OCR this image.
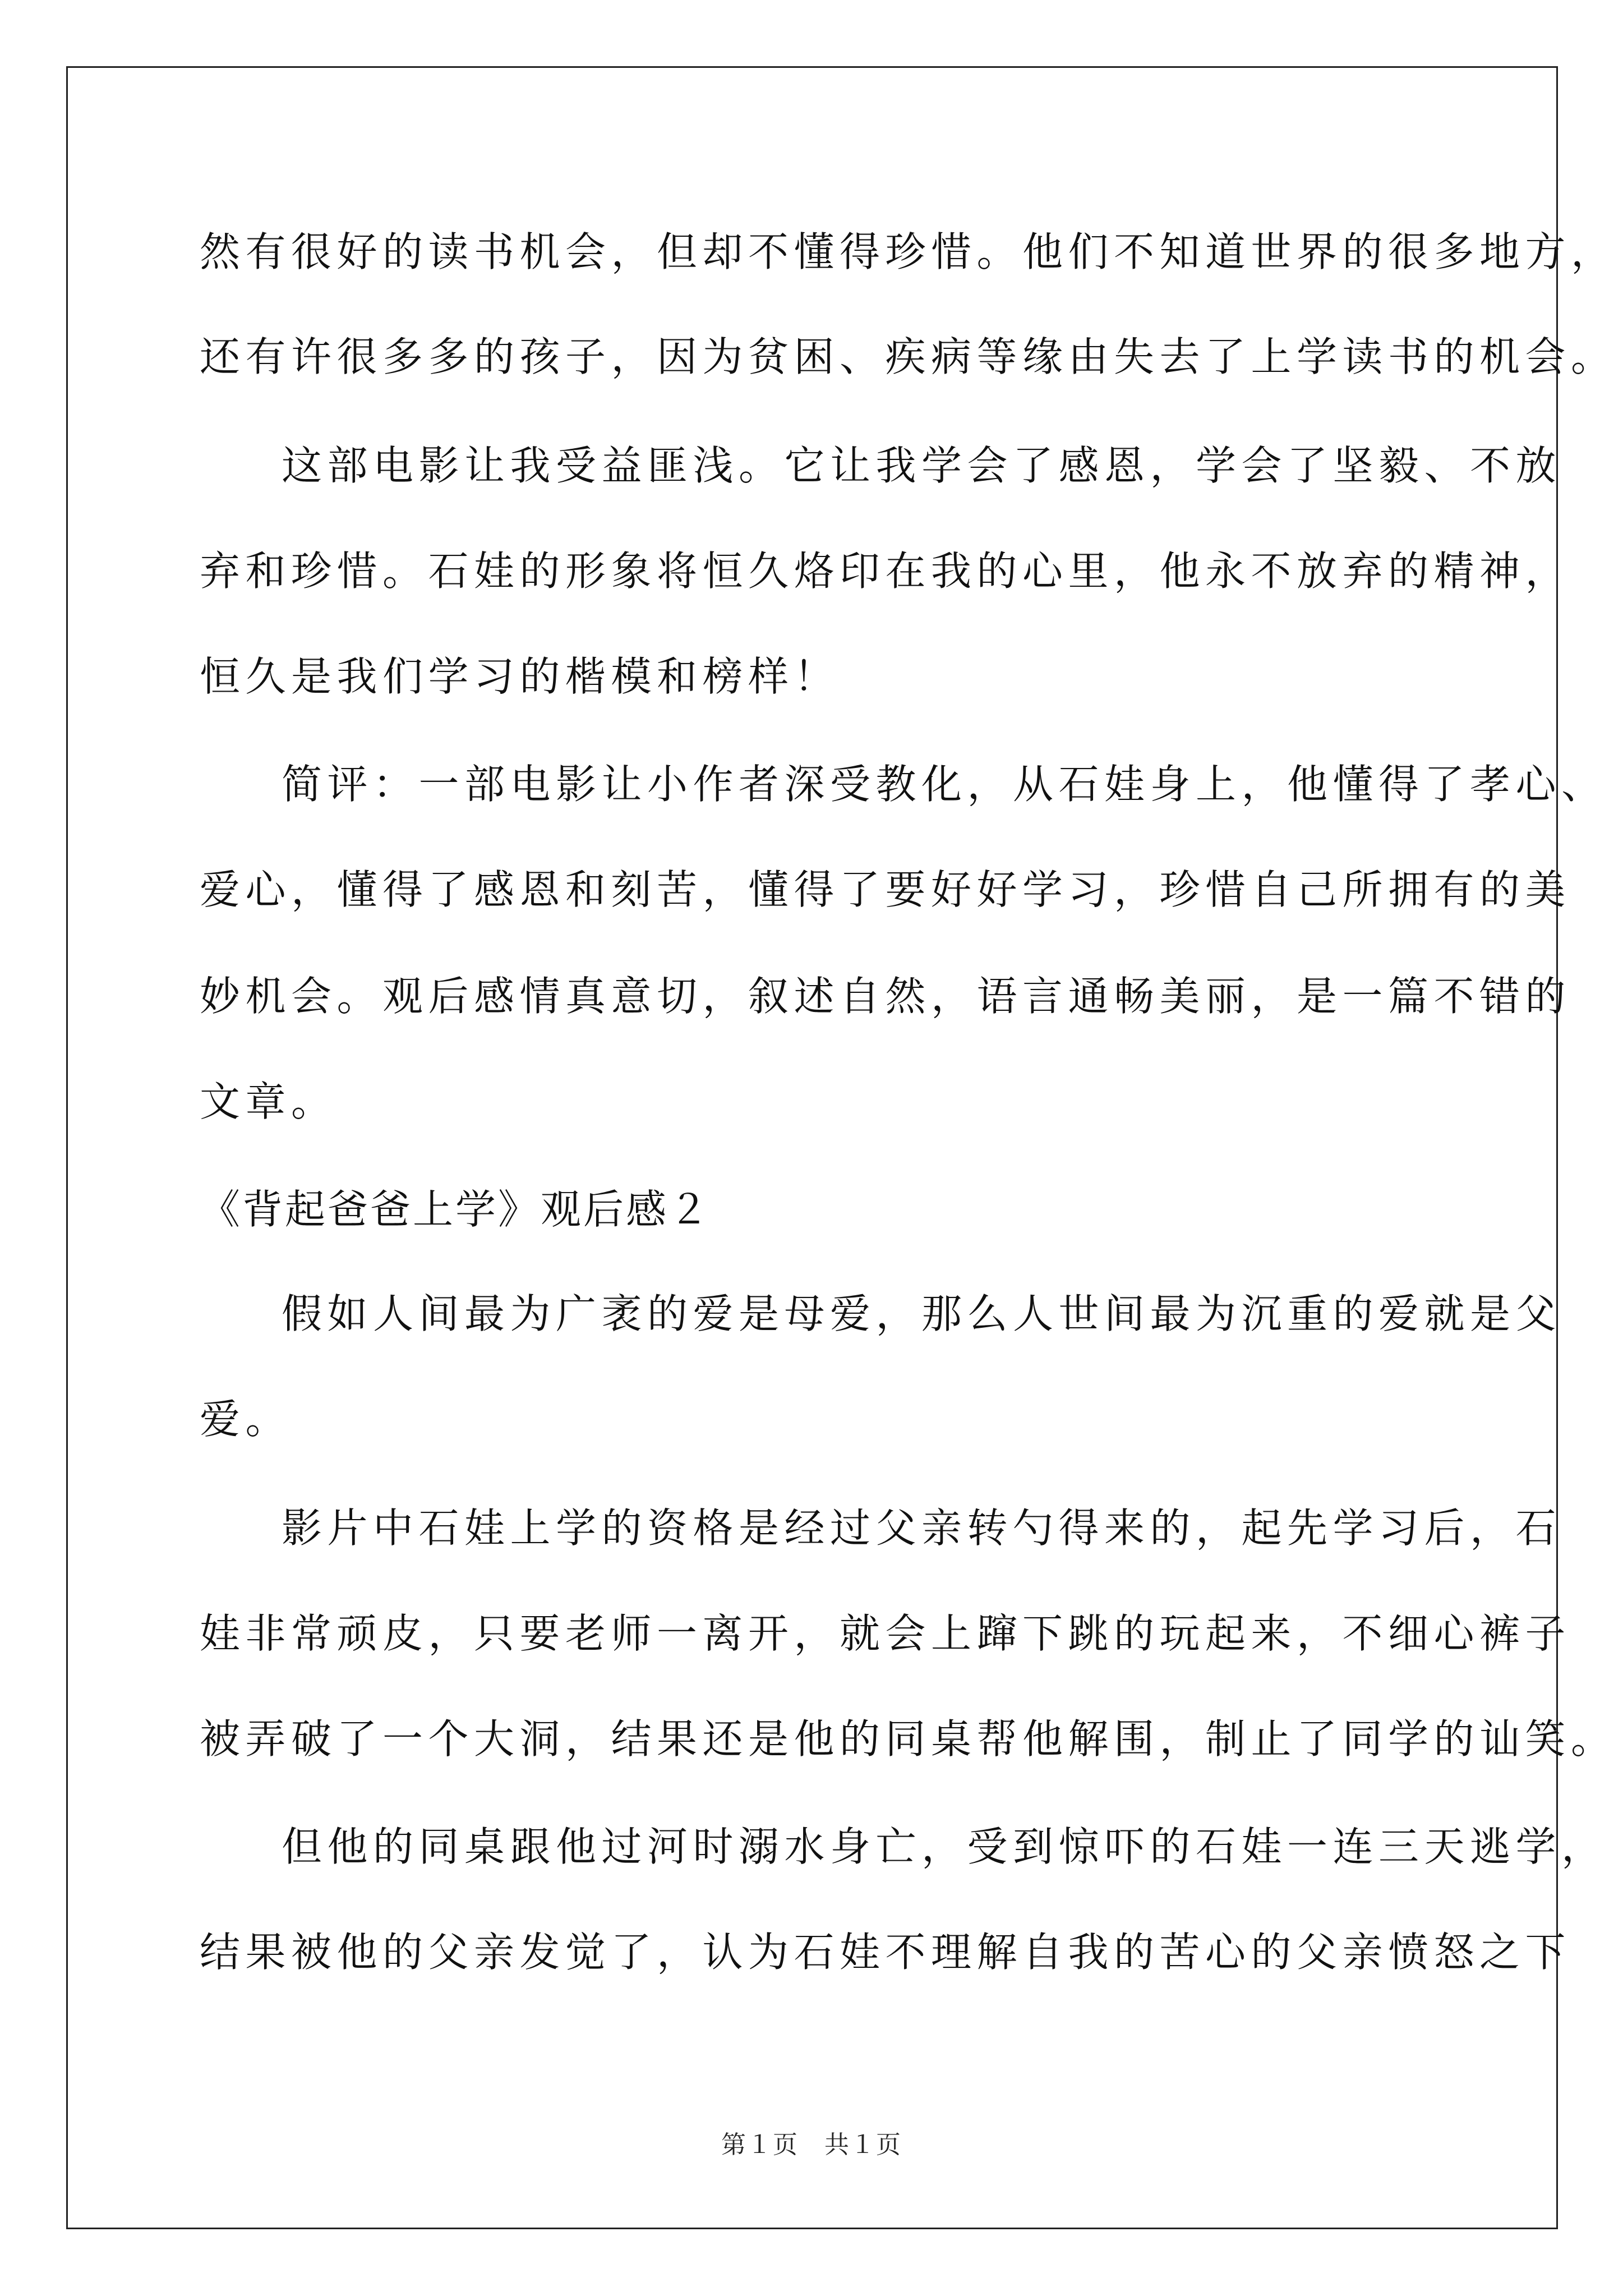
然有很好的读书机会，但却不懂得珍惜。他们不知道世界的很多地方，

还有许很多多的孩子，因为贫困、疾病等缘由失去了上学读书的机会。

这部电影让我受益匪浅。它让我学会了感恩，学会了坚毅、不放

弃和珍惜。石娃的形象将恒久烙印在我的心里，他永不放弃的精神，

恒久是我们学习的楷模和榜样！

简评：一部电影让小作者深受教化，从石娃身上，他懂得了孝心、

爱心，懂得了感恩和刻苦，懂得了要好好学习，珍惜自己所拥有的美

妙机会。观后感情真意切，叙述自然，语言通畅美丽，是一篇不错的

文章。

《背起爸爸上学》观后感２

假如人间最为广袤的爱是母爱，那么人世间最为沉重的爱就是父

爱。

影片中石娃上学的资格是经过父亲转勺得来的，起先学习后，石

娃非常顽皮，只要老师一离开，就会上蹿下跳的玩起来，不细心裤子

被弄破了一个大洞，结果还是他的同桌帮他解围，制止了同学的讪笑。

但他的同桌跟他过河时溺水身亡，受到惊吓的石娃一连三天逃学，

结果被他的父亲发觉了，认为石娃不理解自我的苦心的父亲愤怒之下

第１页　共１页
